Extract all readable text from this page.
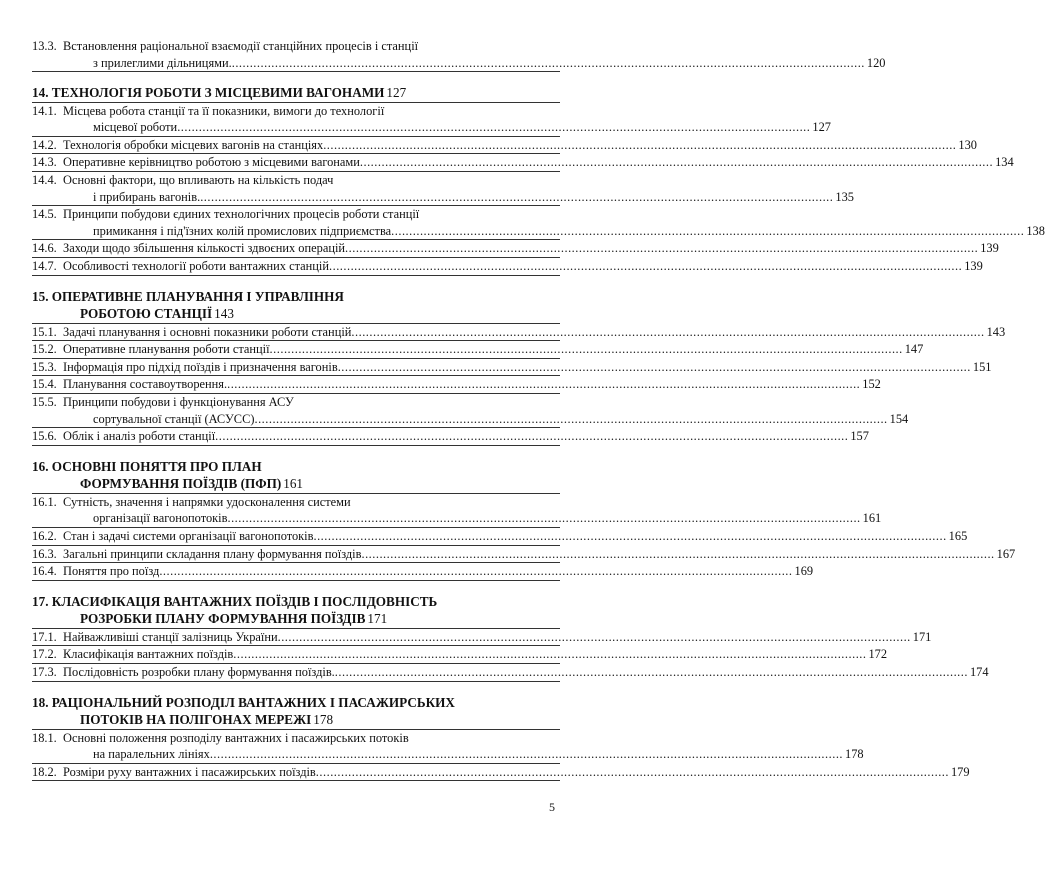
13.3. Встановлення раціональної взаємодії станційних процесів і станції
з прилеглими дільницями. .....	120
14. ТЕХНОЛОГІЯ РОБОТИ З МІСЦЕВИМИ ВАГОНАМИ 127
14.1. Місцева робота станції та її показники, вимоги до технології
місцевої роботи .....	127
14.2. Технологія обробки місцевих вагонів на станціях .....	130
14.3. Оперативне керівництво роботою з місцевими вагонами .....	134
14.4. Основні фактори, що впливають на кількість подач
і прибирань вагонів. .....	135
14.5. Принципи побудови єдиних технологічних процесів роботи станції
примикання і під'їзних колій промислових підприємства .....	138
14.6. Заходи щодо збільшення кількості здвоєних операцій .....	139
14.7. Особливості технології роботи вантажних станцій .....	139
15. ОПЕРАТИВНЕ ПЛАНУВАННЯ І УПРАВЛІННЯ
РОБОТОЮ СТАНЦІЇ 143
15.1. Задачі планування і основні показники роботи станцій .....	143
15.2. Оперативне планування роботи станції .....	147
15.3. Інформація про підхід поїздів і призначення вагонів .....	151
15.4. Планування составоутворення. .....	152
15.5. Принципи побудови і функціонування АСУ
сортувальної станції (АСУСС) .....	154
15.6. Облік і аналіз роботи станції .....	157
16. ОСНОВНІ ПОНЯТТЯ ПРО ПЛАН
ФОРМУВАННЯ ПОЇЗДІВ (ПФП) 161
16.1. Сутність, значення і напрямки удосконалення системи
організації вагонопотоків .....	161
16.2. Стан і задачі системи організації вагонопотоків .....	165
16.3. Загальні принципи складання плану формування поїздів .....	167
16.4. Поняття про поїзд .....	169
17. КЛАСИФІКАЦІЯ ВАНТАЖНИХ ПОЇЗДІВ І ПОСЛІДОВНІСТЬ
РОЗРОБКИ ПЛАНУ ФОРМУВАННЯ ПОЇЗДІВ 171
17.1. Найважливіші станції залізниць України .....	171
17.2. Класифікація вантажних поїздів .....	172
17.3. Послідовність розробки плану формування поїздів. .....	174
18. РАЦІОНАЛЬНИЙ РОЗПОДІЛ ВАНТАЖНИХ І ПАСАЖИРСЬКИХ
ПОТОКІВ НА ПОЛІГОНАХ МЕРЕЖІ 178
18.1. Основні положення розподілу вантажних і пасажирських потоків
на паралельних лініях .....	178
18.2. Розміри руху вантажних і пасажирських поїздів .....	179
5
